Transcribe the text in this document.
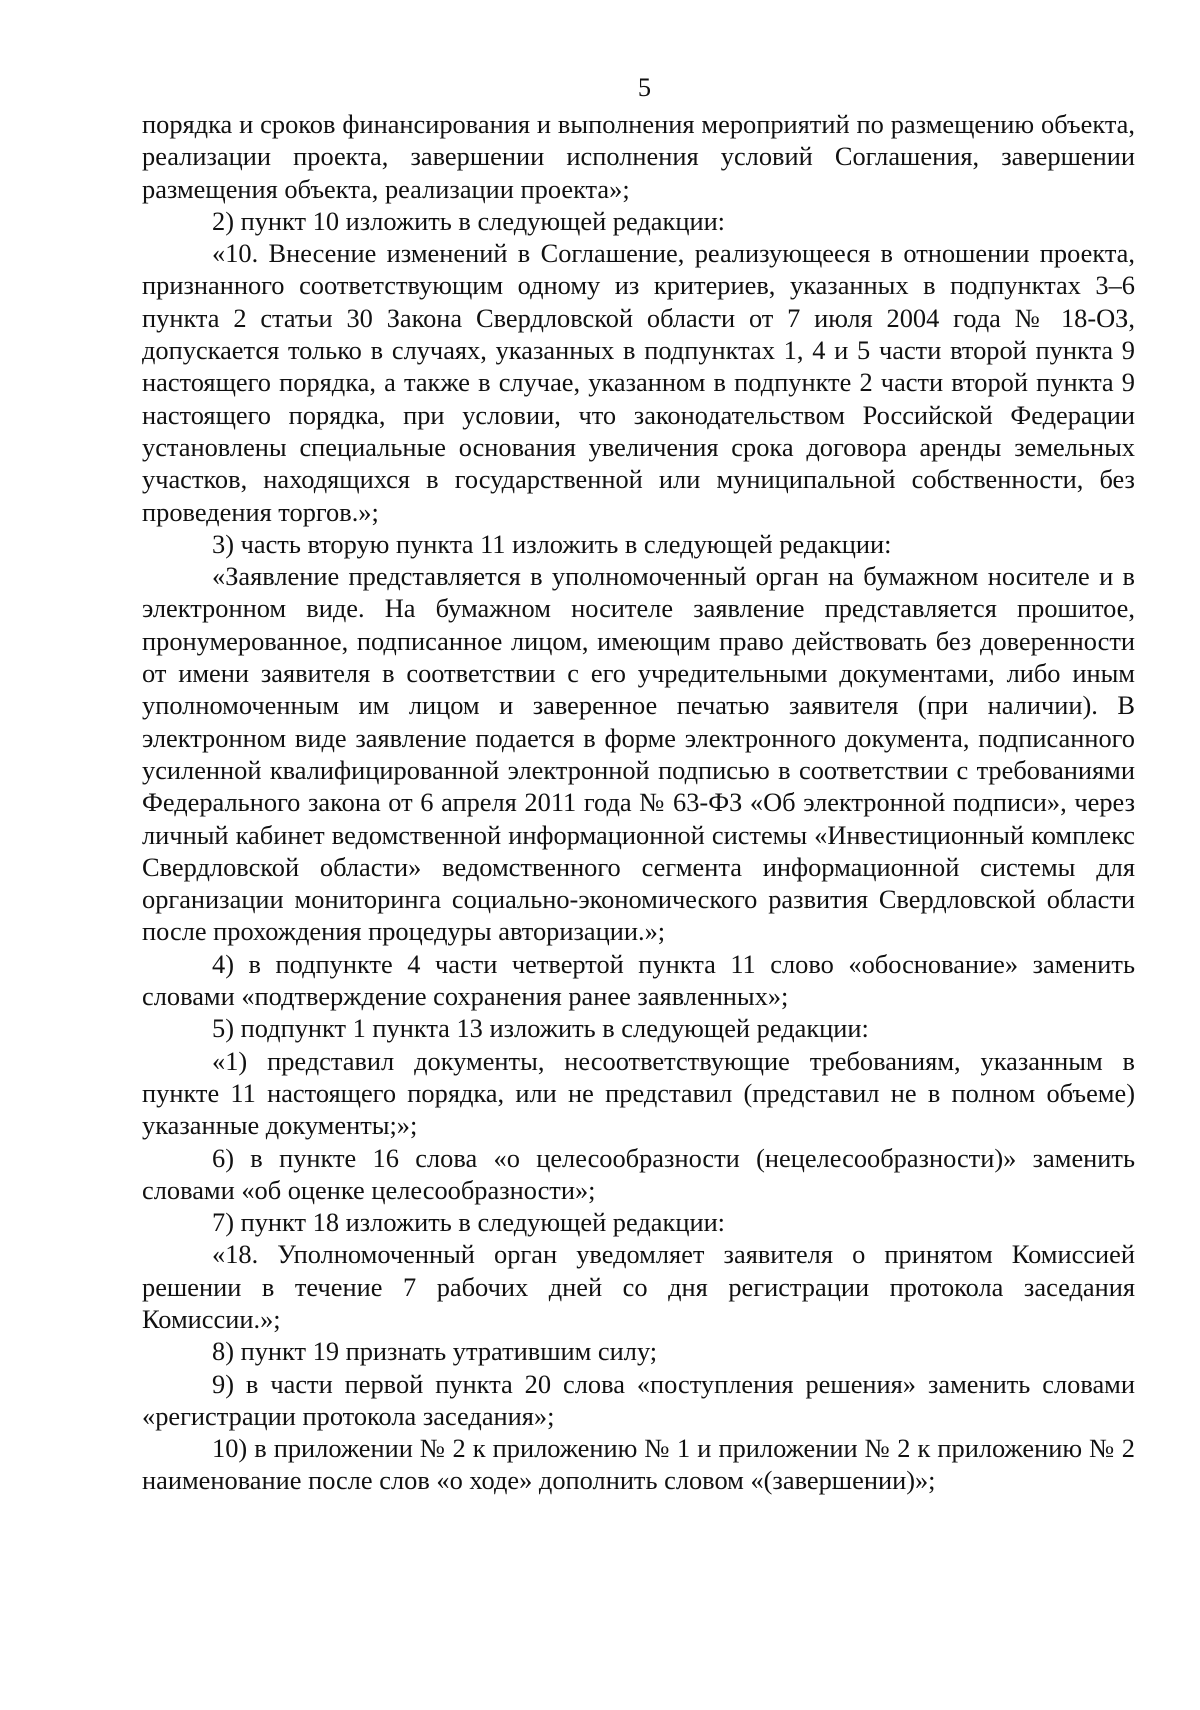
5

порядка и сроков финансирования и выполнения мероприятий по размещению объекта, реализации проекта, завершении исполнения условий Соглашения, завершении размещения объекта, реализации проекта»;

2) пункт 10 изложить в следующей редакции:

«10. Внесение изменений в Соглашение, реализующееся в отношении проекта, признанного соответствующим одному из критериев, указанных в подпунктах 3–6 пункта 2 статьи 30 Закона Свердловской области от 7 июля 2004 года № 18-ОЗ, допускается только в случаях, указанных в подпунктах 1, 4 и 5 части второй пункта 9 настоящего порядка, а также в случае, указанном в подпункте 2 части второй пункта 9 настоящего порядка, при условии, что законодательством Российской Федерации установлены специальные основания увеличения срока договора аренды земельных участков, находящихся в государственной или муниципальной собственности, без проведения торгов.»;

3) часть вторую пункта 11 изложить в следующей редакции:

«Заявление представляется в уполномоченный орган на бумажном носителе и в электронном виде. На бумажном носителе заявление представляется прошитое, пронумерованное, подписанное лицом, имеющим право действовать без доверенности от имени заявителя в соответствии с его учредительными документами, либо иным уполномоченным им лицом и заверенное печатью заявителя (при наличии). В электронном виде заявление подается в форме электронного документа, подписанного усиленной квалифицированной электронной подписью в соответствии с требованиями Федерального закона от 6 апреля 2011 года № 63-ФЗ «Об электронной подписи», через личный кабинет ведомственной информационной системы «Инвестиционный комплекс Свердловской области» ведомственного сегмента информационной системы для организации мониторинга социально-экономического развития Свердловской области после прохождения процедуры авторизации.»;

4) в подпункте 4 части четвертой пункта 11 слово «обоснование» заменить словами «подтверждение сохранения ранее заявленных»;

5) подпункт 1 пункта 13 изложить в следующей редакции:

«1) представил документы, несоответствующие требованиям, указанным в пункте 11 настоящего порядка, или не представил (представил не в полном объеме) указанные документы;»;

6) в пункте 16 слова «о целесообразности (нецелесообразности)» заменить словами «об оценке целесообразности»;

7) пункт 18 изложить в следующей редакции:

«18. Уполномоченный орган уведомляет заявителя о принятом Комиссией решении в течение 7 рабочих дней со дня регистрации протокола заседания Комиссии.»;

8) пункт 19 признать утратившим силу;

9) в части первой пункта 20 слова «поступления решения» заменить словами «регистрации протокола заседания»;

10) в приложении № 2 к приложению № 1 и приложении № 2 к приложению № 2 наименование после слов «о ходе» дополнить словом «(завершении)»;
